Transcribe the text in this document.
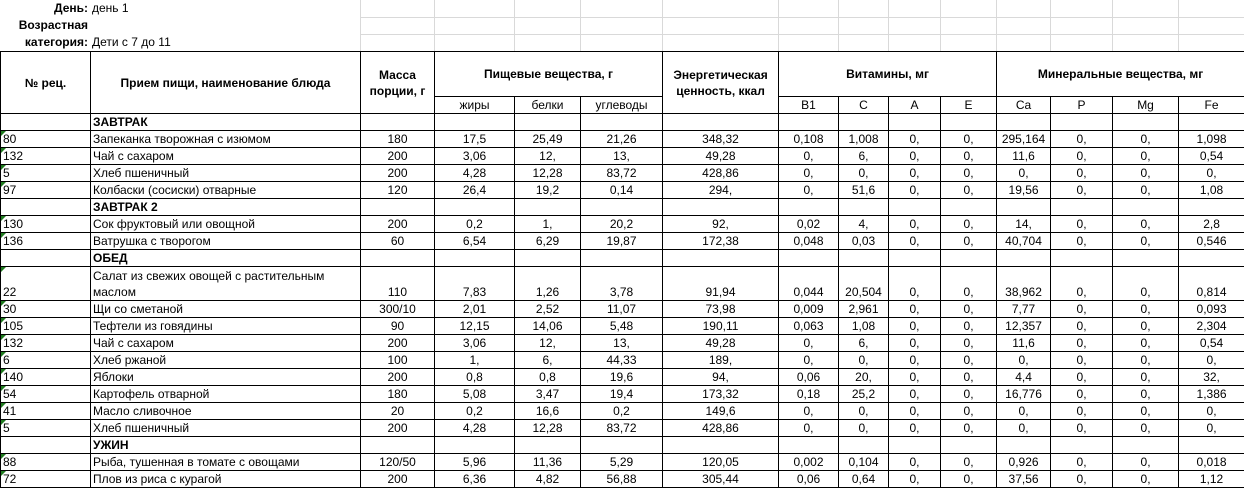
День: день 1
Возрастная категория: Дети с 7 до 11
№ рец.	Прием пищи, наименование блюда	Масса порции, г	Пищевые вещества, г			Энергетическая ценность, ккал	Витамины, мг				Минеральные вещества, мг			
			жиры	белки	углеводы		B1	C	A	E	Ca	P	Mg	Fe
	ЗАВТРАК													
80	Запеканка творожная с изюмом	180	17,5	25,49	21,26	348,32	0,108	1,008	0,	0,	295,164	0,	0,	1,098
132	Чай с сахаром	200	3,06	12,	13,	49,28	0,	6,	0,	0,	11,6	0,	0,	0,54
5	Хлеб пшеничный	200	4,28	12,28	83,72	428,86	0,	0,	0,	0,	0,	0,	0,	0,
97	Колбаски (сосиски) отварные	120	26,4	19,2	0,14	294,	0,	51,6	0,	0,	19,56	0,	0,	1,08
	ЗАВТРАК 2													
130	Сок фруктовый или овощной	200	0,2	1,	20,2	92,	0,02	4,	0,	0,	14,	0,	0,	2,8
136	Ватрушка с творогом	60	6,54	6,29	19,87	172,38	0,048	0,03	0,	0,	40,704	0,	0,	0,546
	ОБЕД													
22	Салат из свежих овощей с растительным маслом	110	7,83	1,26	3,78	91,94	0,044	20,504	0,	0,	38,962	0,	0,	0,814
30	Щи со сметаной	300/10	2,01	2,52	11,07	73,98	0,009	2,961	0,	0,	7,77	0,	0,	0,093
105	Тефтели из говядины	90	12,15	14,06	5,48	190,11	0,063	1,08	0,	0,	12,357	0,	0,	2,304
132	Чай с сахаром	200	3,06	12,	13,	49,28	0,	6,	0,	0,	11,6	0,	0,	0,54
6	Хлеб ржаной	100	1,	6,	44,33	189,	0,	0,	0,	0,	0,	0,	0,	0,
140	Яблоки	200	0,8	0,8	19,6	94,	0,06	20,	0,	0,	4,4	0,	0,	32,
54	Картофель отварной	180	5,08	3,47	19,4	173,32	0,18	25,2	0,	0,	16,776	0,	0,	1,386
41	Масло сливочное	20	0,2	16,6	0,2	149,6	0,	0,	0,	0,	0,	0,	0,	0,
5	Хлеб пшеничный	200	4,28	12,28	83,72	428,86	0,	0,	0,	0,	0,	0,	0,	0,
	УЖИН													
88	Рыба, тушенная в томате с овощами	120/50	5,96	11,36	5,29	120,05	0,002	0,104	0,	0,	0,926	0,	0,	0,018
72	Плов из риса с курагой	200	6,36	4,82	56,88	305,44	0,06	0,64	0,	0,	37,56	0,	0,	1,12
